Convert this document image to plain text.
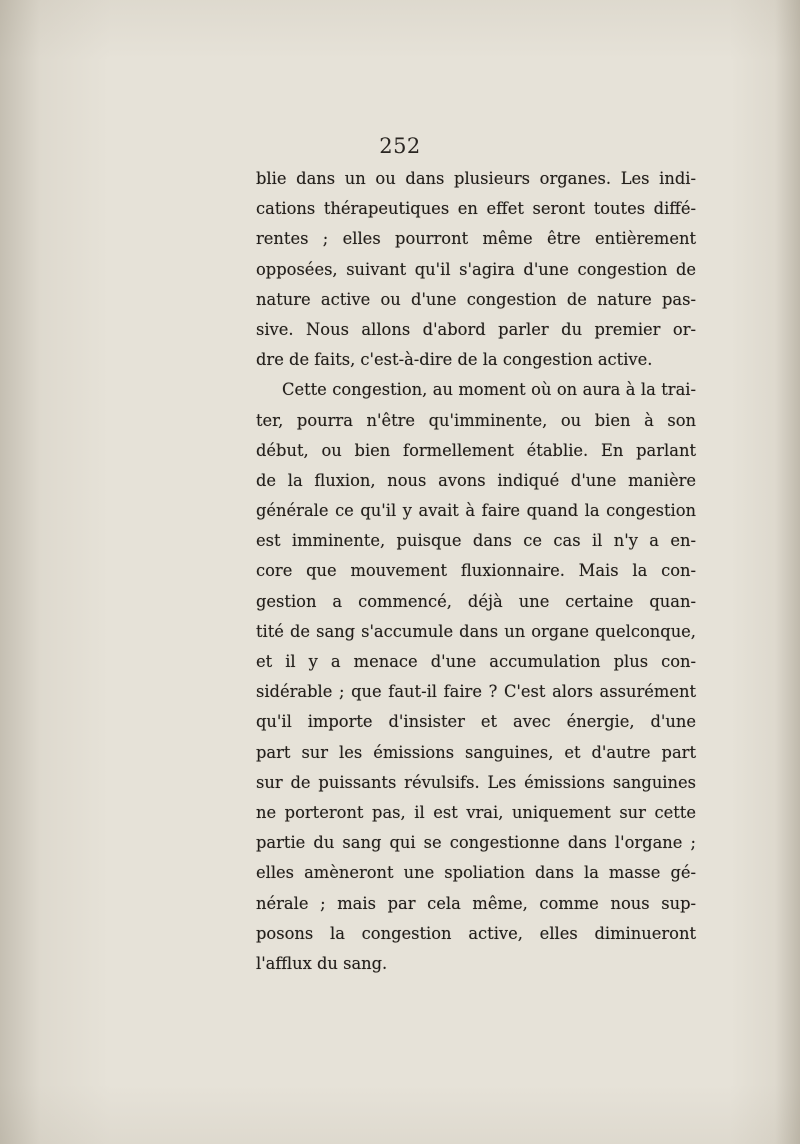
252
blie dans un ou dans plusieurs organes. Les indi-
cations thérapeutiques en effet seront toutes diffé-
rentes ; elles pourront même être entièrement
opposées, suivant qu'il s'agira d'une congestion de
nature active ou d'une congestion de nature pas-
sive. Nous allons d'abord parler du premier or-
dre de faits, c'est-à-dire de la congestion active.
Cette congestion, au moment où on aura à la trai-
ter, pourra n'être qu'imminente, ou bien à son
début, ou bien formellement établie. En parlant
de la fluxion, nous avons indiqué d'une manière
générale ce qu'il y avait à faire quand la congestion
est imminente, puisque dans ce cas il n'y a en-
core que mouvement fluxionnaire. Mais la con-
gestion a commencé, déjà une certaine quan-
tité de sang s'accumule dans un organe quelconque,
et il y a menace d'une accumulation plus con-
sidérable ; que faut-il faire ? C'est alors assurément
qu'il importe d'insister et avec énergie, d'une
part sur les émissions sanguines, et d'autre part
sur de puissants révulsifs. Les émissions sanguines
ne porteront pas, il est vrai, uniquement sur cette
partie du sang qui se congestionne dans l'organe ;
elles amèneront une spoliation dans la masse gé-
nérale ; mais par cela même, comme nous sup-
posons la congestion active, elles diminueront
l'afflux du sang.
